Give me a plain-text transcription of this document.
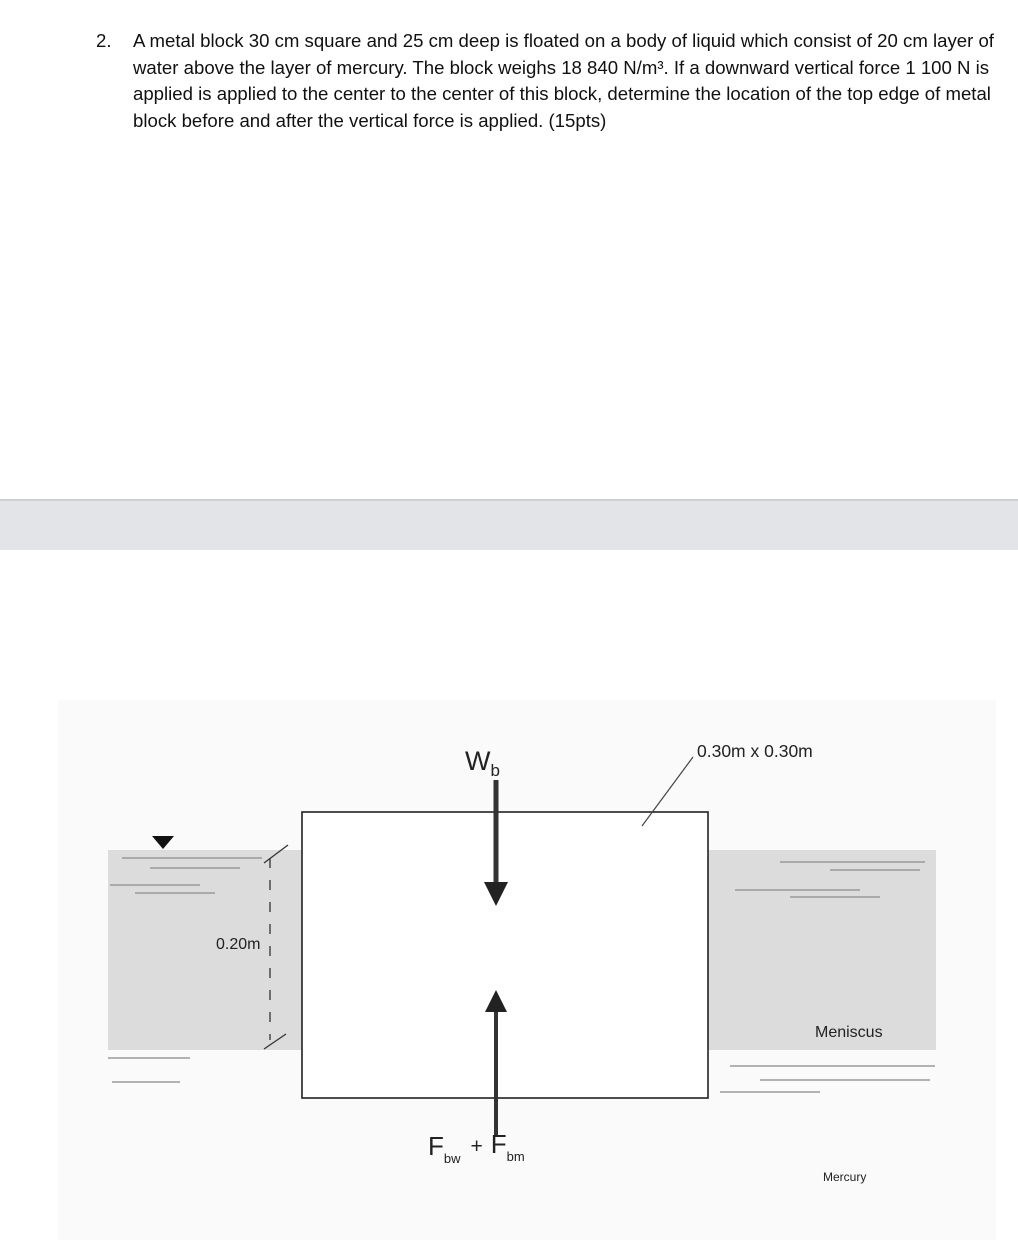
2.	A metal block 30 cm square and 25 cm deep is floated on a body of liquid which consist of 20 cm layer of water above the layer of mercury. The block weighs 18 840 N/m³. If a downward vertical force 1 100 N is applied is applied to the center to the center of this block, determine the location of the top edge of metal block before and after the vertical force is applied. (15pts)
$W_b$
0.30m x 0.30m
0.20m
Meniscus
Mercury
$F_{bw}^+$ $F_{bm}$
